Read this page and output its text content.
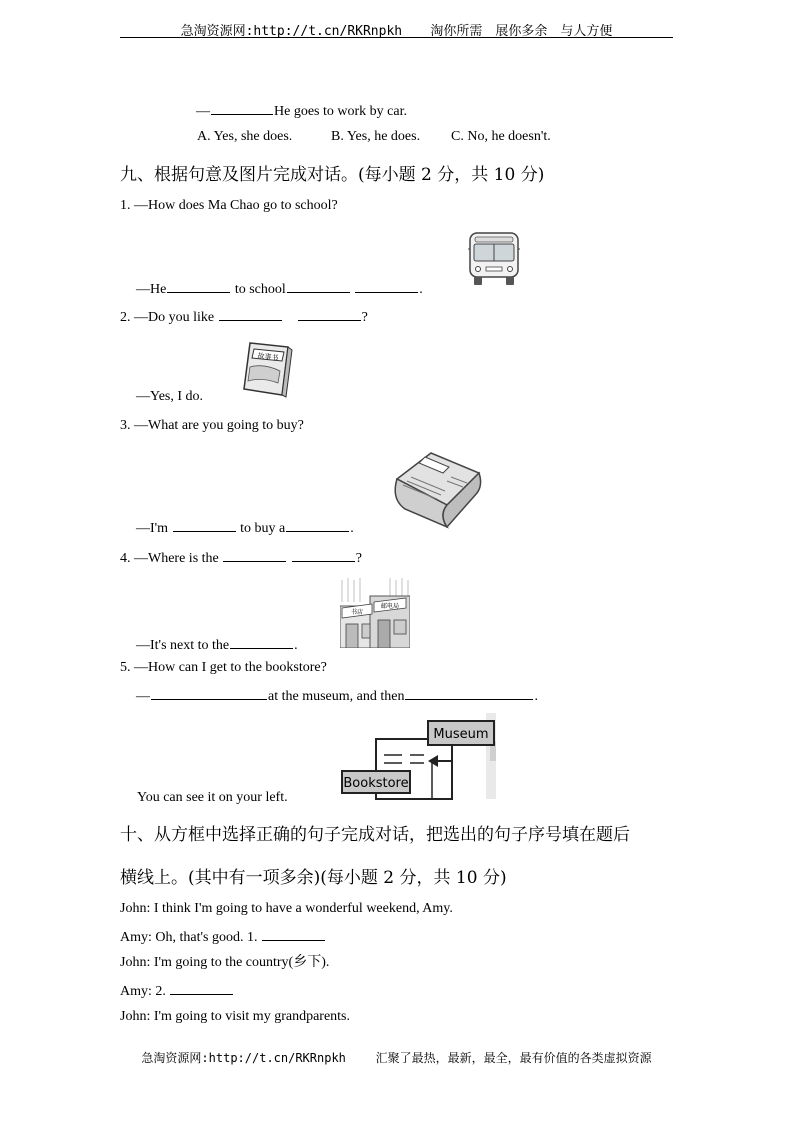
急淘资源网:http://t.cn/RKRnpkh 淘你所需　展你多余　与人方便
—	He goes to work by car.
A. Yes, she does.	B. Yes, he does. C. No, he doesn't.
九、根据句意及图片完成对话。(每小题 2 分，共 10 分)
1. —How does Ma Chao go to school?
—He	to school	.
2. —Do you like	?
故事书
—Yes, I do.
3. —What are you going to buy?
—I'm	to buy a	.
4. —Where is the	?
书店
邮电局
—It's next to the	.
5. —How can I get to the bookstore?
—	at the museum, and then	.
Museum
Bookstore
You can see it on your left.
十、从方框中选择正确的句子完成对话，把选出的句子序号填在题后
横线上。(其中有一项多余)(每小题 2 分，共 10 分)
John: I think I'm going to have a wonderful weekend, Amy.
Amy: Oh, that's good. 1.
John: I'm going to the country(乡下).
Amy: 2.
John: I'm going to visit my grandparents.
急淘资源网:http://t.cn/RKRnpkh 汇聚了最热，最新，最全，最有价值的各类虚拟资源
